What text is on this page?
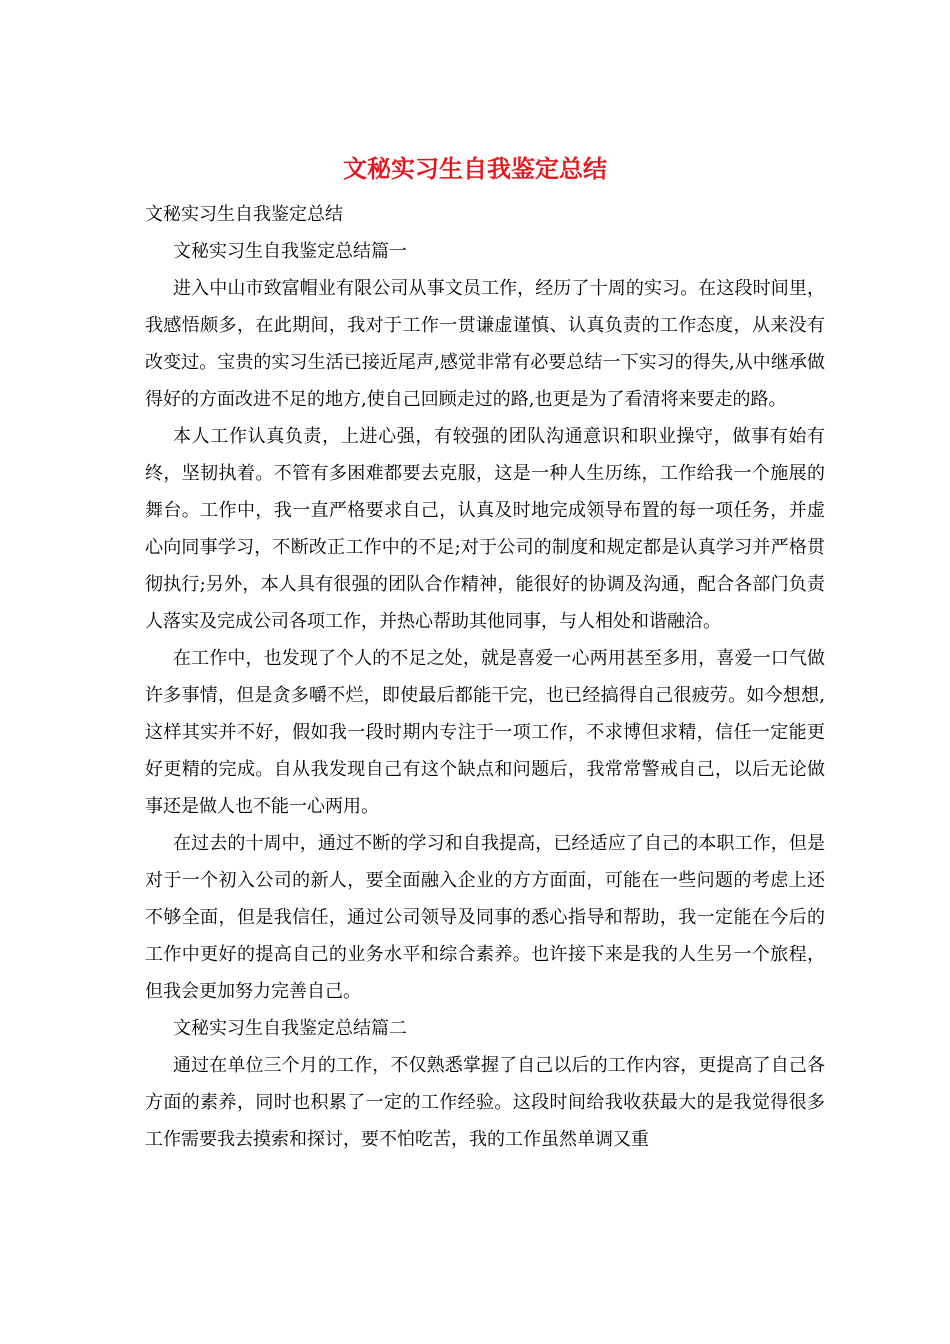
文秘实习生自我鉴定总结

文秘实习生自我鉴定总结

文秘实习生自我鉴定总结篇一

进入中山市致富帽业有限公司从事文员工作，经历了十周的实习。在这段时间里，我感悟颇多，在此期间，我对于工作一贯谦虚谨慎、认真负责的工作态度，从来没有改变过。宝贵的实习生活已接近尾声,感觉非常有必要总结一下实习的得失,从中继承做得好的方面改进不足的地方,使自己回顾走过的路,也更是为了看清将来要走的路。

本人工作认真负责，上进心强，有较强的团队沟通意识和职业操守，做事有始有终，坚韧执着。不管有多困难都要去克服，这是一种人生历练，工作给我一个施展的舞台。工作中，我一直严格要求自己，认真及时地完成领导布置的每一项任务，并虚心向同事学习，不断改正工作中的不足;对于公司的制度和规定都是认真学习并严格贯彻执行;另外，本人具有很强的团队合作精神，能很好的协调及沟通，配合各部门负责人落实及完成公司各项工作，并热心帮助其他同事，与人相处和谐融洽。

在工作中，也发现了个人的不足之处，就是喜爱一心两用甚至多用，喜爱一口气做许多事情，但是贪多嚼不烂，即使最后都能干完，也已经搞得自己很疲劳。如今想想,这样其实并不好，假如我一段时期内专注于一项工作，不求博但求精，信任一定能更好更精的完成。自从我发现自己有这个缺点和问题后，我常常警戒自己，以后无论做事还是做人也不能一心两用。

在过去的十周中，通过不断的学习和自我提高，已经适应了自己的本职工作，但是对于一个初入公司的新人，要全面融入企业的方方面面，可能在一些问题的考虑上还不够全面，但是我信任，通过公司领导及同事的悉心指导和帮助，我一定能在今后的工作中更好的提高自己的业务水平和综合素养。也许接下来是我的人生另一个旅程，但我会更加努力完善自己。

文秘实习生自我鉴定总结篇二

通过在单位三个月的工作，不仅熟悉掌握了自己以后的工作内容，更提高了自己各方面的素养，同时也积累了一定的工作经验。这段时间给我收获最大的是我觉得很多工作需要我去摸索和探讨，要不怕吃苦，我的工作虽然单调又重
